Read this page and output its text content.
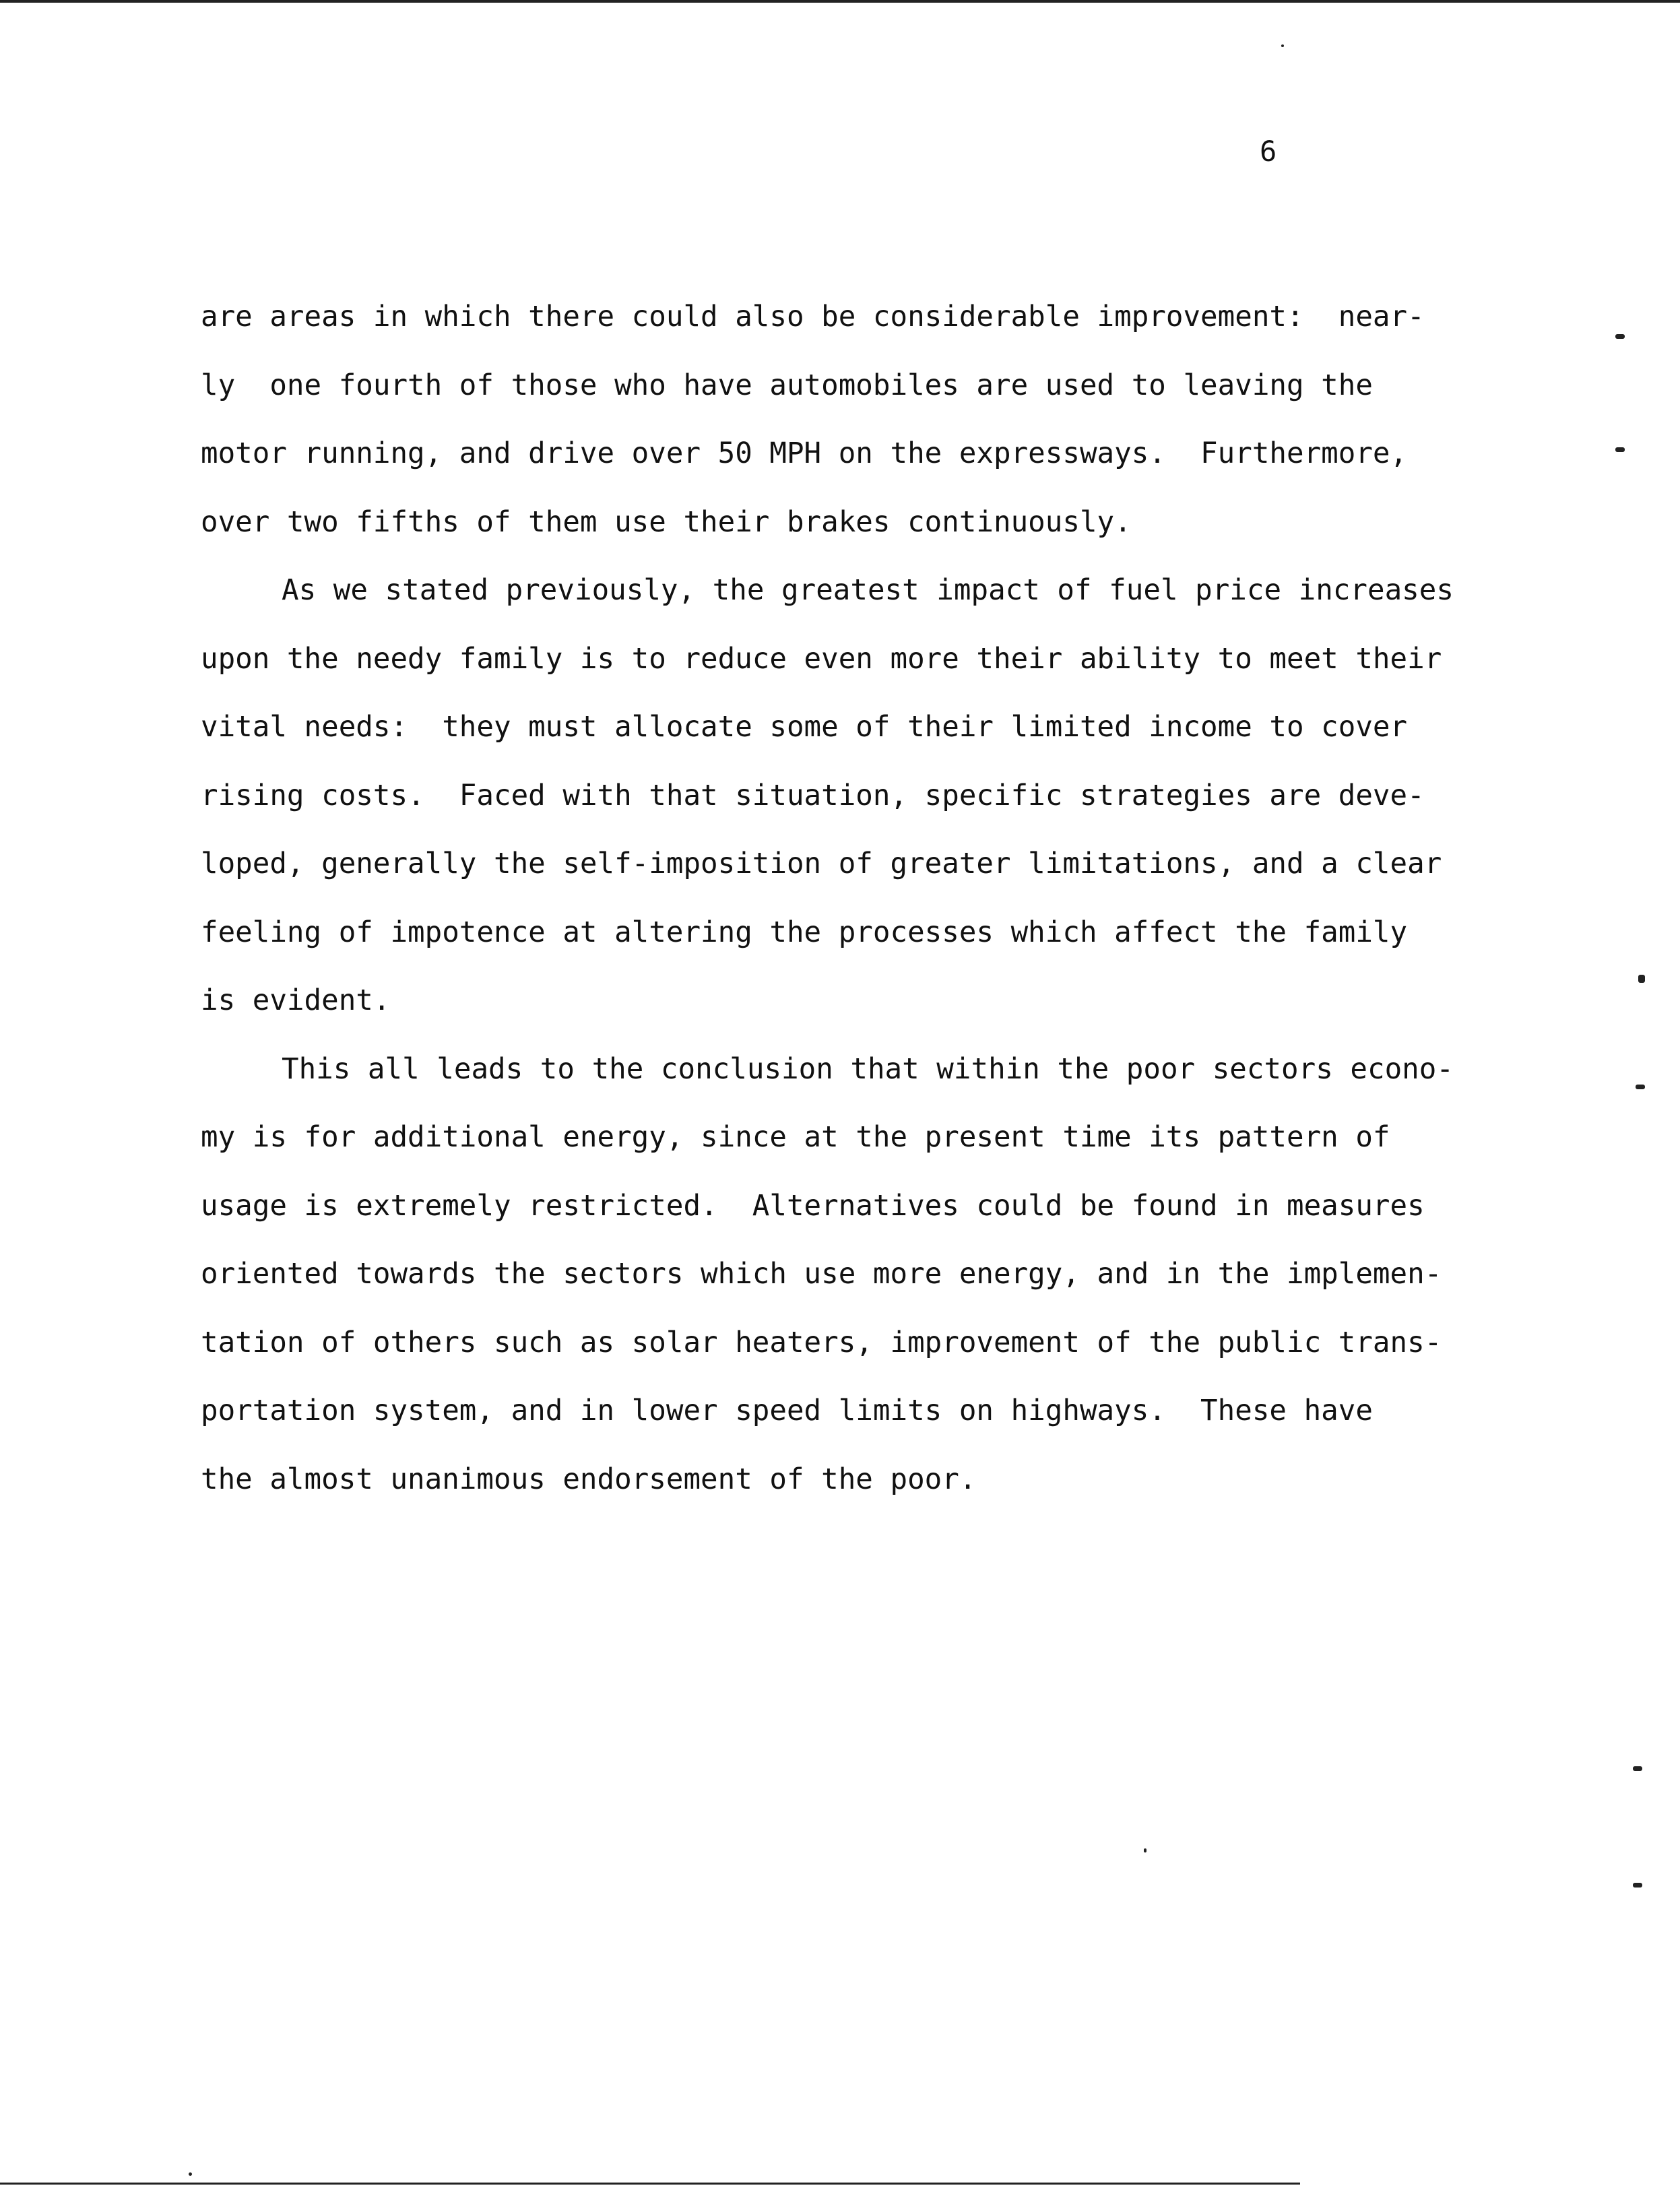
6
are areas in which there could also be considerable improvement:  near-
ly  one fourth of those who have automobiles are used to leaving the
motor running, and drive over 50 MPH on the expressways.  Furthermore,
over two fifths of them use their brakes continuously.
As we stated previously, the greatest impact of fuel price increases
upon the needy family is to reduce even more their ability to meet their
vital needs:  they must allocate some of their limited income to cover
rising costs.  Faced with that situation, specific strategies are deve-
loped, generally the self-imposition of greater limitations, and a clear
feeling of impotence at altering the processes which affect the family
is evident.
This all leads to the conclusion that within the poor sectors econo-
my is for additional energy, since at the present time its pattern of
usage is extremely restricted.  Alternatives could be found in measures
oriented towards the sectors which use more energy, and in the implemen-
tation of others such as solar heaters, improvement of the public trans-
portation system, and in lower speed limits on highways.  These have
the almost unanimous endorsement of the poor.
